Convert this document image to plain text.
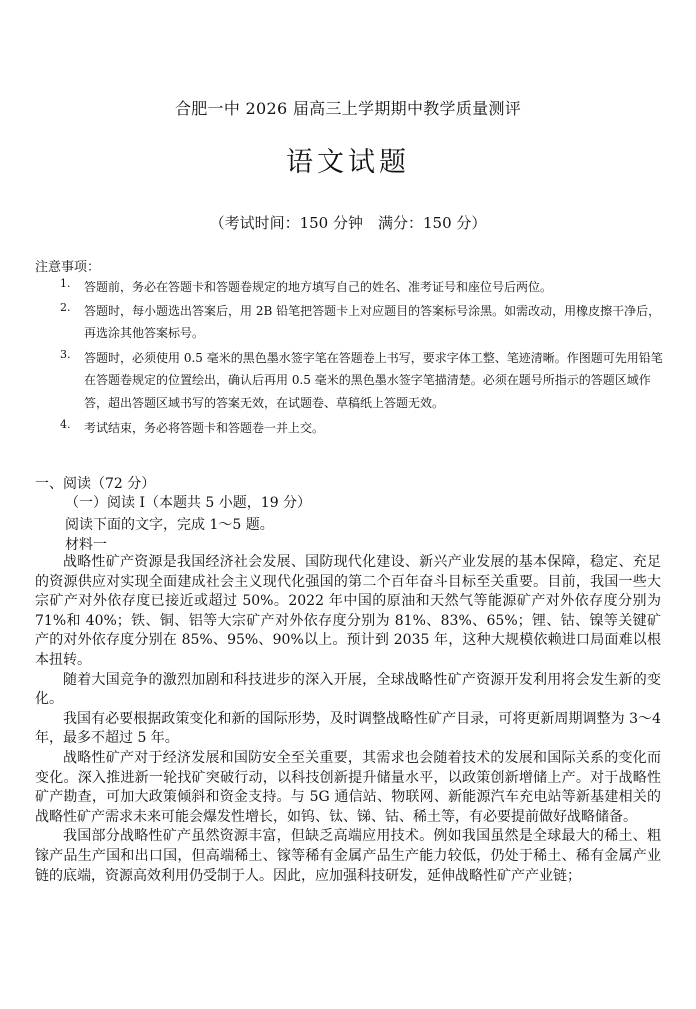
合肥一中 2026 届高三上学期期中教学质量测评
语文试题
（考试时间：150 分钟　满分：150 分）
注意事项：
1.	答题前，务必在答题卡和答题卷规定的地方填写自己的姓名、准考证号和座位号后两位。
2.	答题时，每小题选出答案后，用 2B 铅笔把答题卡上对应题目的答案标号涂黑。如需改动，用橡皮擦干净后，再选涂其他答案标号。
3.	答题时，必须使用 0.5 毫米的黑色墨水签字笔在答题卷上书写，要求字体工整、笔迹清晰。作图题可先用铅笔在答题卷规定的位置绘出，确认后再用 0.5 毫米的黑色墨水签字笔描清楚。必须在题号所指示的答题区域作答，超出答题区域书写的答案无效，在试题卷、草稿纸上答题无效。
4.	考试结束，务必将答题卡和答题卷一并上交。
一、阅读（72 分）
（一）阅读 Ⅰ（本题共 5 小题，19 分）
阅读下面的文字，完成 1～5 题。
材料一

战略性矿产资源是我国经济社会发展、国防现代化建设、新兴产业发展的基本保障，稳定、充足的资源供应对实现全面建成社会主义现代化强国的第二个百年奋斗目标至关重要。目前，我国一些大宗矿产对外依存度已接近或超过 50%。2022 年中国的原油和天然气等能源矿产对外依存度分别为 71%和 40%；铁、铜、铝等大宗矿产对外依存度分别为 81%、83%、65%；锂、钴、镍等关键矿产的对外依存度分别在 85%、95%、90%以上。预计到 2035 年，这种大规模依赖进口局面难以根本扭转。

随着大国竞争的激烈加剧和科技进步的深入开展，全球战略性矿产资源开发利用将会发生新的变化。

我国有必要根据政策变化和新的国际形势，及时调整战略性矿产目录，可将更新周期调整为 3～4 年，最多不超过 5 年。

战略性矿产对于经济发展和国防安全至关重要，其需求也会随着技术的发展和国际关系的变化而变化。深入推进新一轮找矿突破行动，以科技创新提升储量水平，以政策创新增储上产。对于战略性矿产勘查，可加大政策倾斜和资金支持。与 5G 通信站、物联网、新能源汽车充电站等新基建相关的战略性矿产需求未来可能会爆发性增长，如钨、钛、锑、钴、稀土等，有必要提前做好战略储备。

我国部分战略性矿产虽然资源丰富，但缺乏高端应用技术。例如我国虽然是全球最大的稀土、粗镓产品生产国和出口国，但高端稀土、镓等稀有金属产品生产能力较低，仍处于稀土、稀有金属产业链的底端，资源高效利用仍受制于人。因此，应加强科技研发，延伸战略性矿产产业链；
